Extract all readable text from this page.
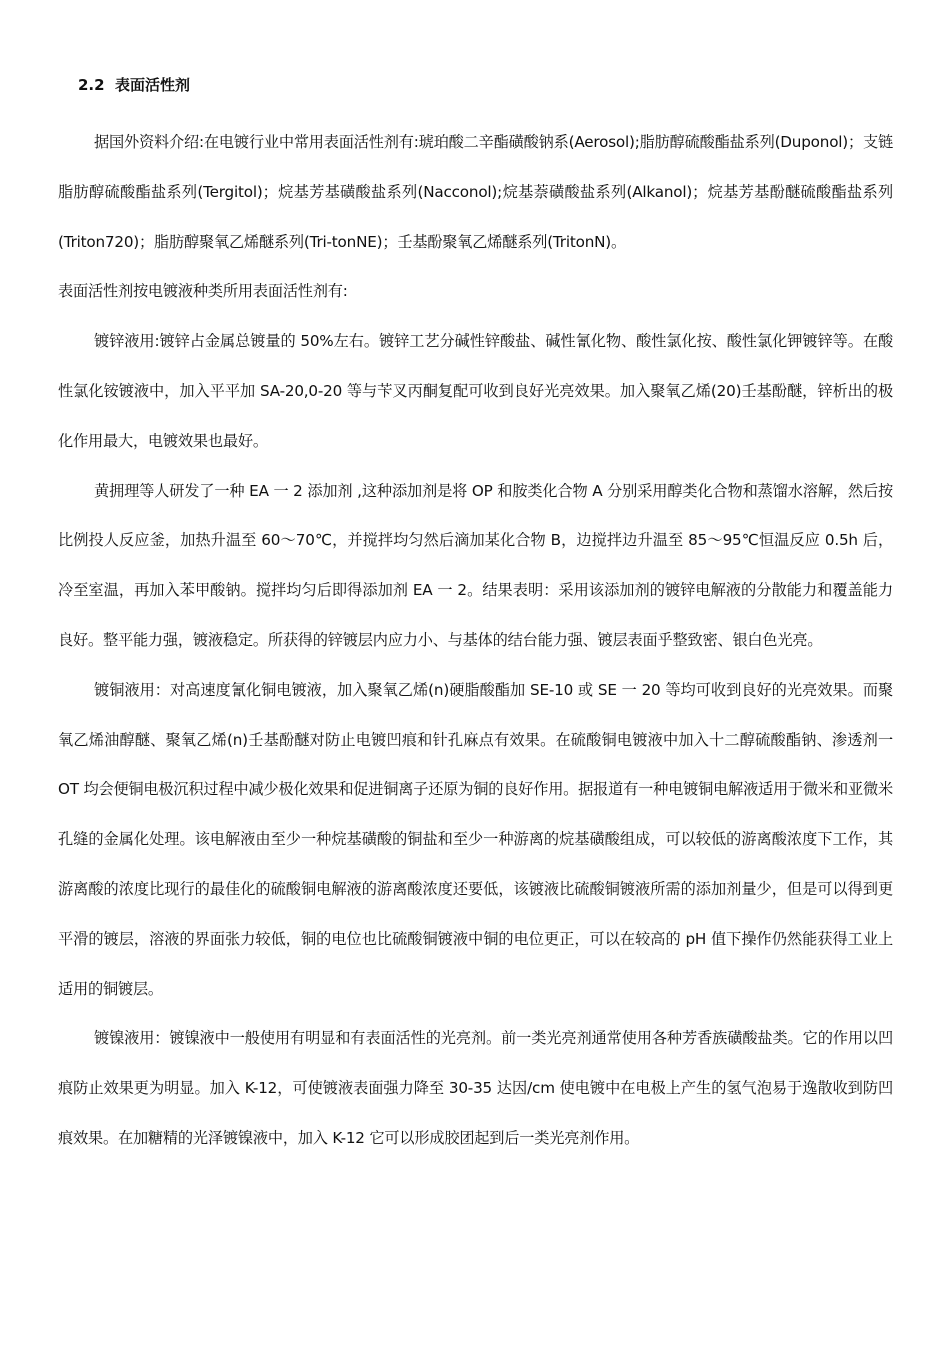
2.2 表面活性剂

据国外资料介绍:在电镀行业中常用表面活性剂有:琥珀酸二辛酯磺酸钠系(Aerosol);脂肪醇硫酸酯盐系列(Duponol)；支链脂肪醇硫酸酯盐系列(Tergitol)；烷基芳基磺酸盐系列(Nacconol);烷基萘磺酸盐系列(Alkanol)；烷基芳基酚醚硫酸酯盐系列(Triton720)；脂肪醇聚氧乙烯醚系列(Tri-tonNE)；壬基酚聚氧乙烯醚系列(TritonN)。

表面活性剂按电镀液种类所用表面活性剂有:

镀锌液用:镀锌占金属总镀量的 50%左右。镀锌工艺分碱性锌酸盐、碱性氰化物、酸性氯化按、酸性氯化钾镀锌等。在酸性氯化铵镀液中，加入平平加 SA-20,0-20 等与苄叉丙酮复配可收到良好光亮效果。加入聚氧乙烯(20)壬基酚醚，锌析出的极化作用最大，电镀效果也最好。

黄拥理等人研发了一种 EA 一 2 添加剂 ,这种添加剂是将 OP 和胺类化合物 A 分别采用醇类化合物和蒸馏水溶解，然后按比例投人反应釜，加热升温至 60～70℃，并搅拌均匀然后滴加某化合物 B，边搅拌边升温至 85～95℃恒温反应 0.5h 后，冷至室温，再加入苯甲酸钠。搅拌均匀后即得添加剂 EA 一 2。结果表明：采用该添加剂的镀锌电解液的分散能力和覆盖能力良好。整平能力强，镀液稳定。所获得的锌镀层内应力小、与基体的结台能力强、镀层表面乎整致密、银白色光亮。

镀铜液用：对高速度氰化铜电镀液，加入聚氧乙烯(n)硬脂酸酯加 SE-10 或 SE 一 20 等均可收到良好的光亮效果。而聚氧乙烯油醇醚、聚氧乙烯(n)壬基酚醚对防止电镀凹痕和针孔麻点有效果。在硫酸铜电镀液中加入十二醇硫酸酯钠、渗透剂一 OT 均会便铜电极沉积过程中减少极化效果和促进铜离子还原为铜的良好作用。据报道有一种电镀铜电解液适用于微米和亚微米孔缝的金属化处理。该电解液由至少一种烷基磺酸的铜盐和至少一种游离的烷基磺酸组成，可以较低的游离酸浓度下工作，其游离酸的浓度比现行的最佳化的硫酸铜电解液的游离酸浓度还要低，该镀液比硫酸铜镀液所需的添加剂量少，但是可以得到更平滑的镀层，溶液的界面张力较低，铜的电位也比硫酸铜镀液中铜的电位更正，可以在较高的 pH 值下操作仍然能获得工业上适用的铜镀层。

镀镍液用：镀镍液中一般使用有明显和有表面活性的光亮剂。前一类光亮剂通常使用各种芳香族磺酸盐类。它的作用以凹痕防止效果更为明显。加入 K-12，可使镀液表面强力降至 30-35 达因/cm 使电镀中在电极上产生的氢气泡易于逸散收到防凹痕效果。在加糖精的光泽镀镍液中，加入 K-12 它可以形成胶团起到后一类光亮剂作用。
